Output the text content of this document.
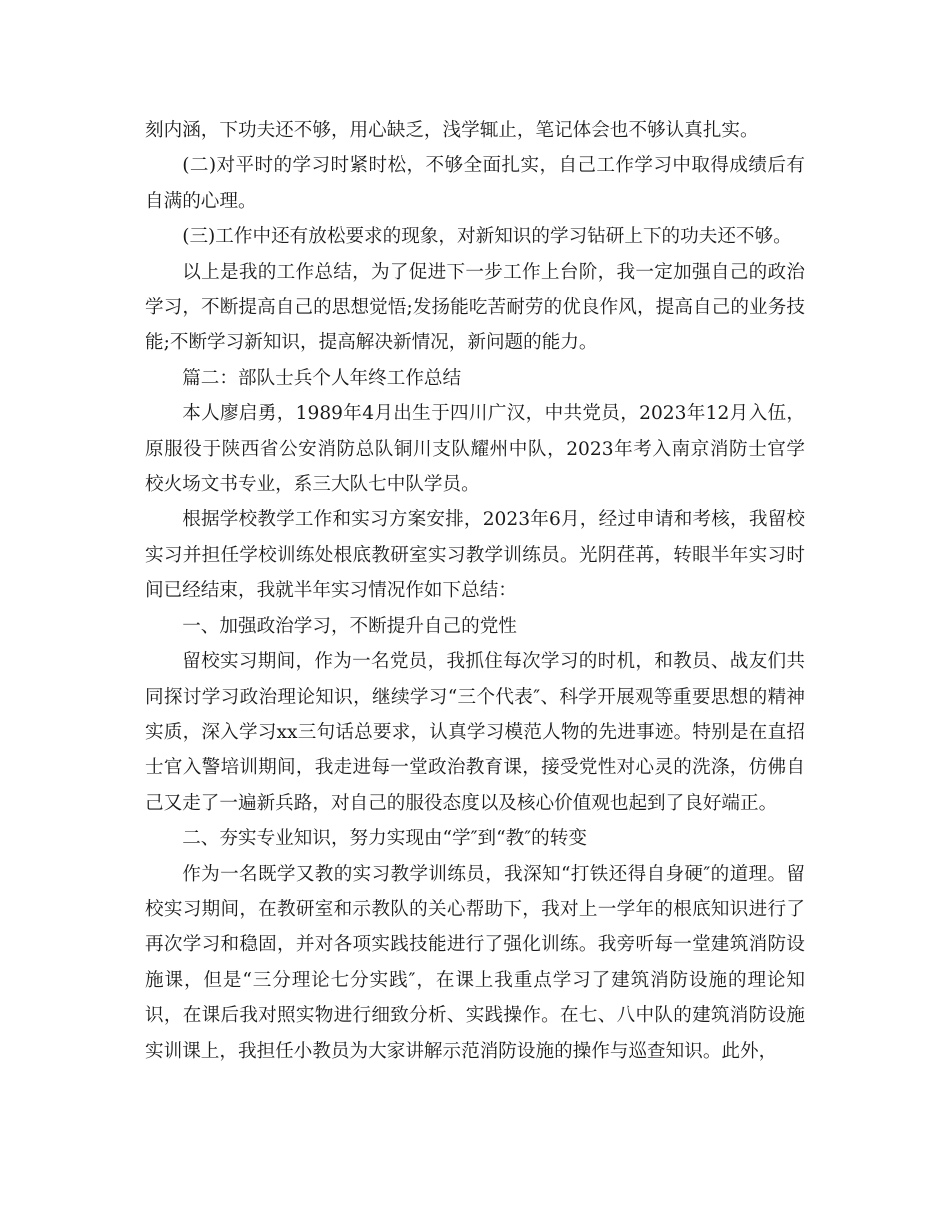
刻内涵，下功夫还不够，用心缺乏，浅学辄止，笔记体会也不够认真扎实。

(二)对平时的学习时紧时松，不够全面扎实，自己工作学习中取得成绩后有自满的心理。

(三)工作中还有放松要求的现象，对新知识的学习钻研上下的功夫还不够。

以上是我的工作总结，为了促进下一步工作上台阶，我一定加强自己的政治学习，不断提高自己的思想觉悟;发扬能吃苦耐劳的优良作风，提高自己的业务技能;不断学习新知识，提高解决新情况，新问题的能力。

篇二：部队士兵个人年终工作总结

本人廖启勇，1989年4月出生于四川广汉，中共党员，2023年12月入伍，原服役于陕西省公安消防总队铜川支队耀州中队，2023年考入南京消防士官学校火场文书专业，系三大队七中队学员。

根据学校教学工作和实习方案安排，2023年6月，经过申请和考核，我留校实习并担任学校训练处根底教研室实习教学训练员。光阴荏苒，转眼半年实习时间已经结束，我就半年实习情况作如下总结：

一、加强政治学习，不断提升自己的党性

留校实习期间，作为一名党员，我抓住每次学习的时机，和教员、战友们共同探讨学习政治理论知识，继续学习“三个代表″、科学开展观等重要思想的精神实质，深入学习xx三句话总要求，认真学习模范人物的先进事迹。特别是在直招士官入警培训期间，我走进每一堂政治教育课，接受党性对心灵的洗涤，仿佛自己又走了一遍新兵路，对自己的服役态度以及核心价值观也起到了良好端正。

二、夯实专业知识，努力实现由“学″到“教″的转变

作为一名既学又教的实习教学训练员，我深知“打铁还得自身硬″的道理。留校实习期间，在教研室和示教队的关心帮助下，我对上一学年的根底知识进行了再次学习和稳固，并对各项实践技能进行了强化训练。我旁听每一堂建筑消防设施课，但是“三分理论七分实践″，在课上我重点学习了建筑消防设施的理论知识，在课后我对照实物进行细致分析、实践操作。在七、八中队的建筑消防设施实训课上，我担任小教员为大家讲解示范消防设施的操作与巡查知识。此外，
